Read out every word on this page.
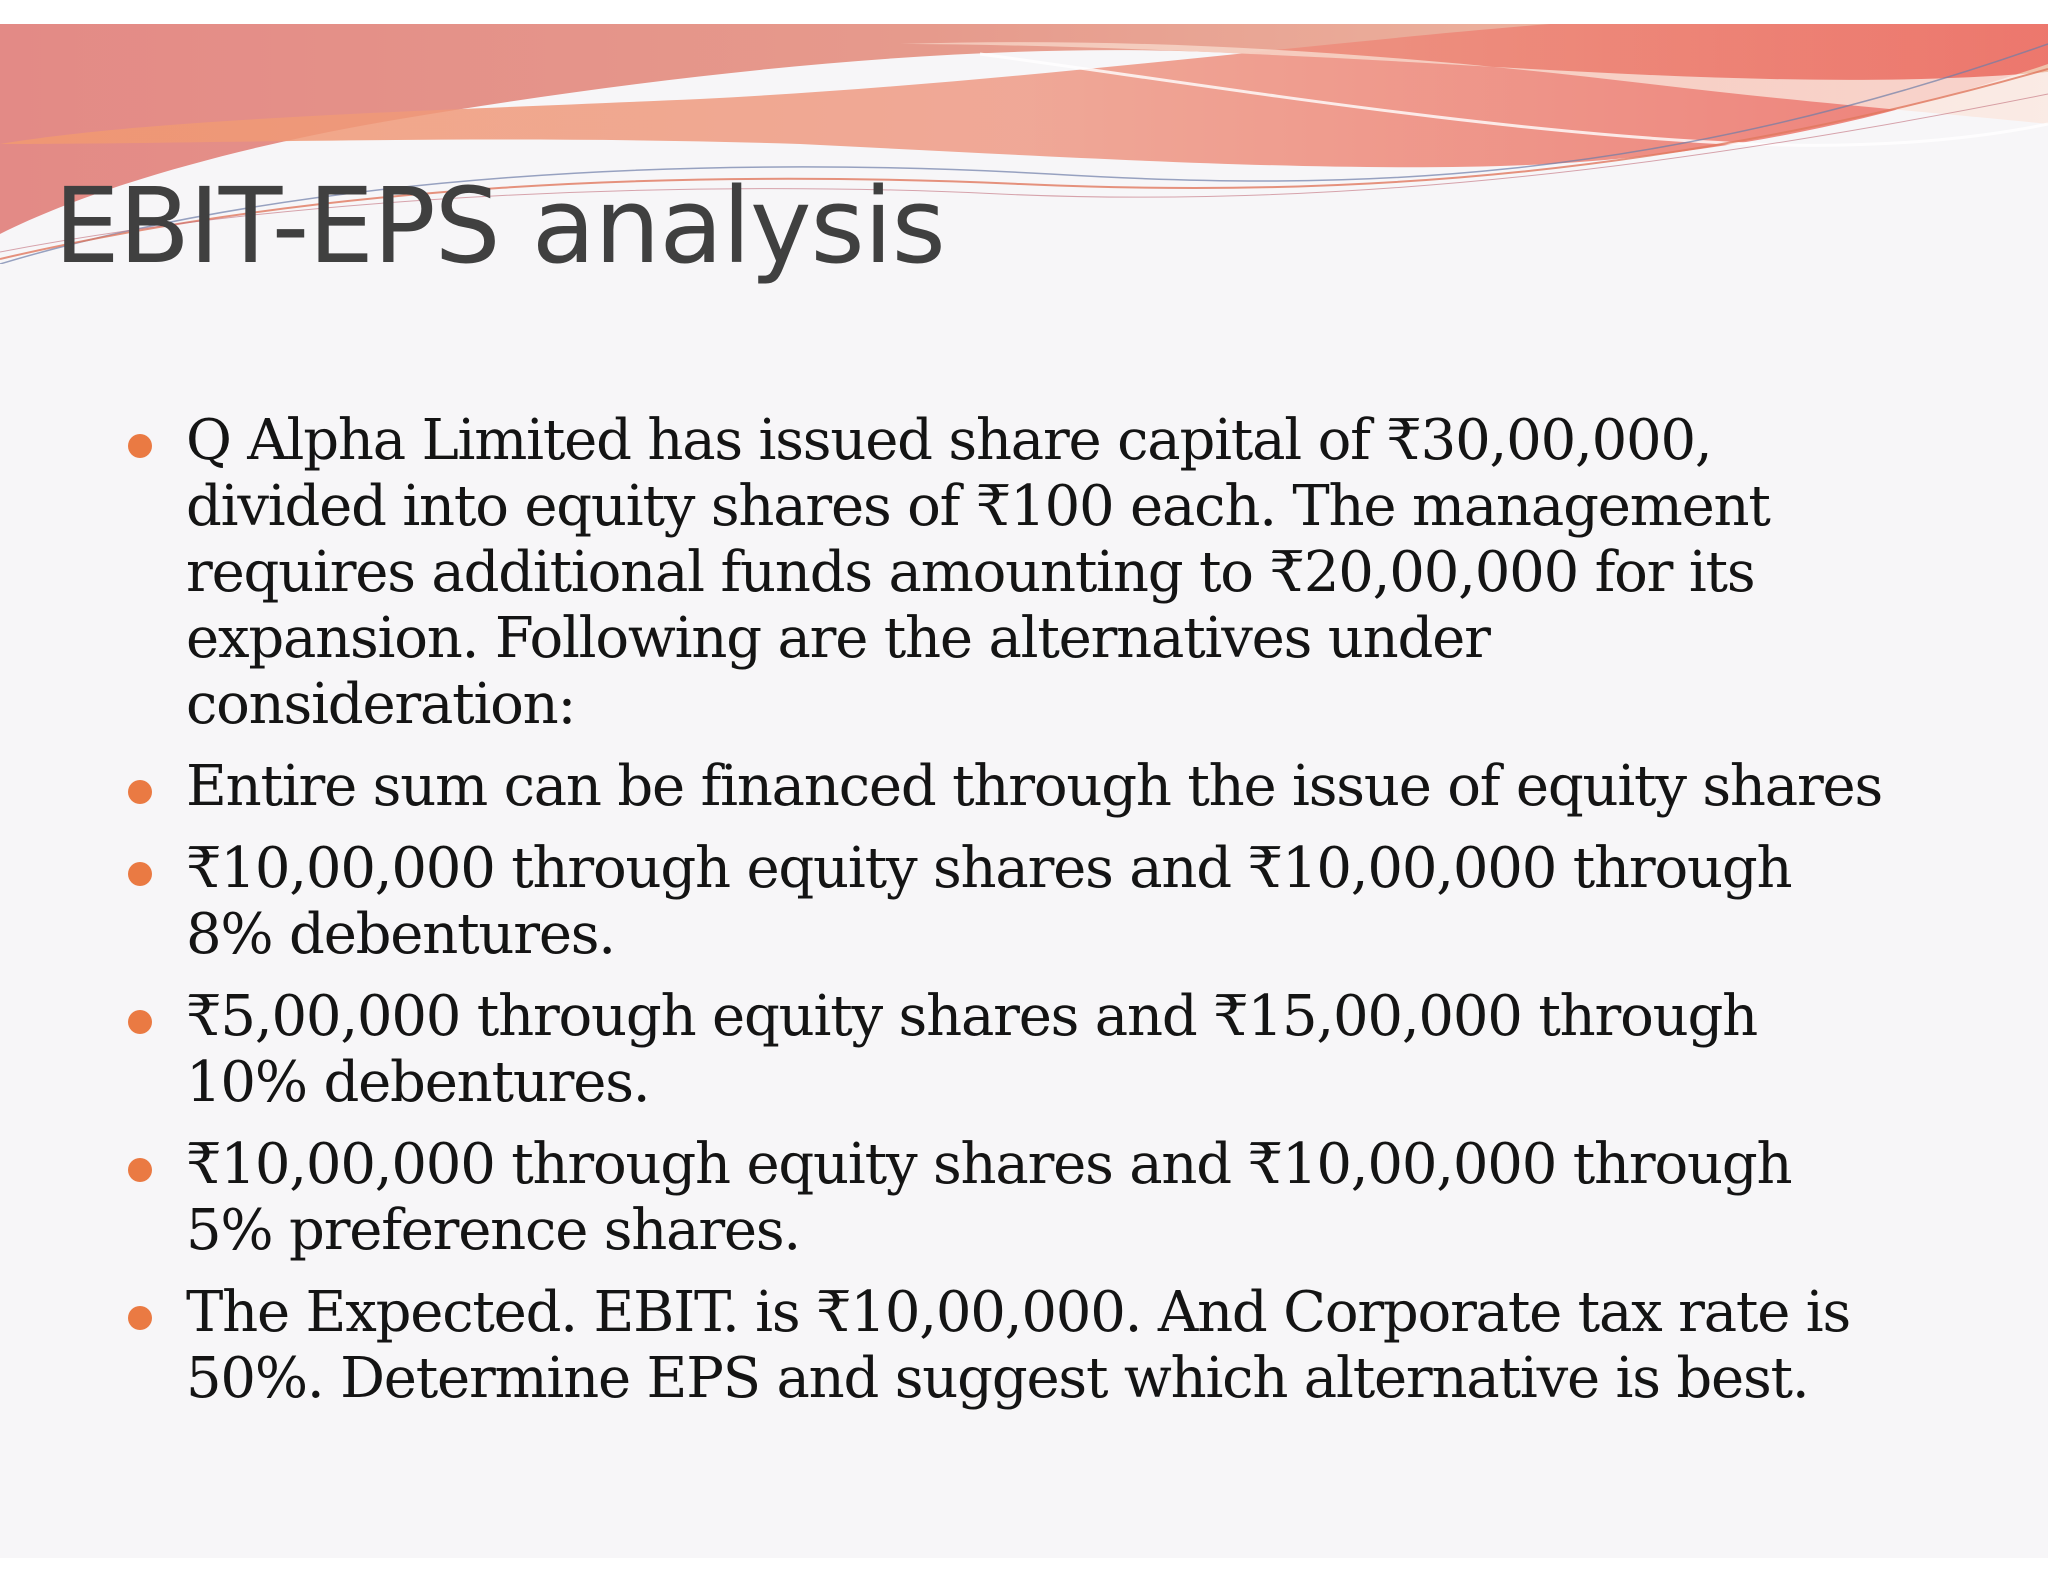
EBIT-EPS analysis
Q Alpha Limited has issued share capital of ₹30,00,000, divided into equity shares of ₹100 each. The management requires additional funds amounting to ₹20,00,000 for its expansion. Following are the alternatives under consideration:
Entire sum can be financed through the issue of equity shares
₹10,00,000 through equity shares and ₹10,00,000 through 8% debentures.
₹5,00,000 through equity shares and ₹15,00,000 through 10% debentures.
₹10,00,000 through equity shares and ₹10,00,000 through 5% preference shares.
The Expected. EBIT. is ₹10,00,000. And Corporate tax rate is 50%. Determine EPS and suggest which alternative is best.
